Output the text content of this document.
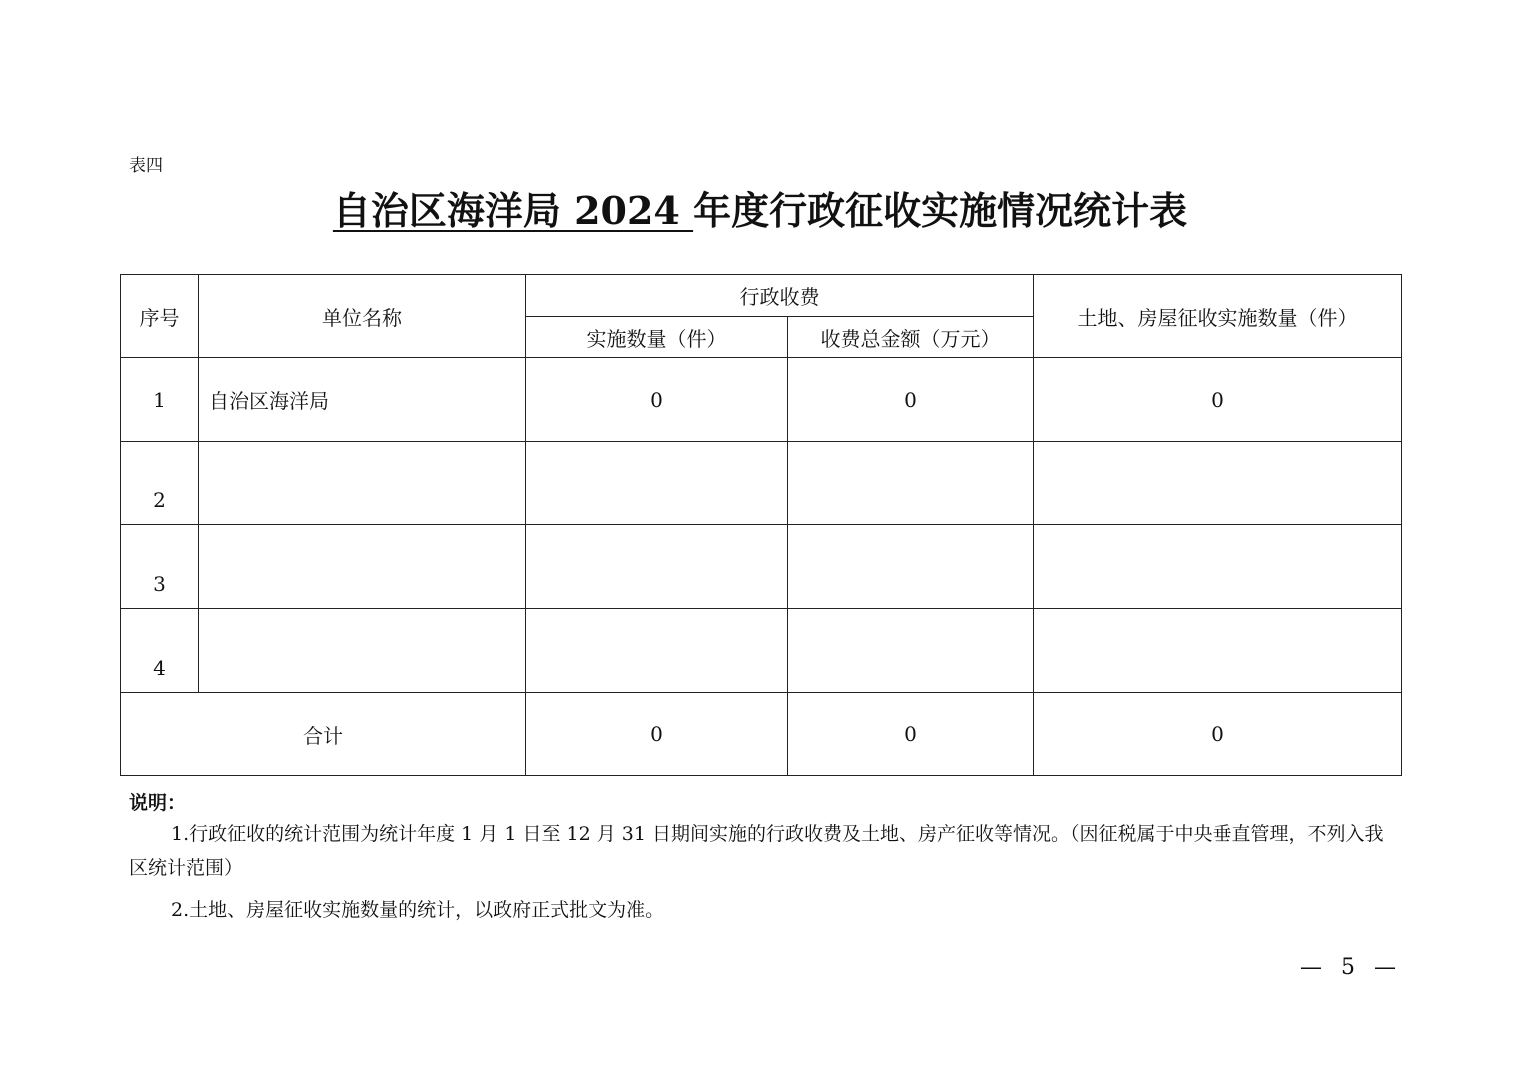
表四
自治区海洋局 2024 年度行政征收实施情况统计表
序号	单位名称	行政收费		土地、房屋征收实施数量（件）
		实施数量（件）	收费总金额（万元）	
1	自治区海洋局	0	0	0
2				
3				
4				
合计		0	0	0
说明：
1.行政征收的统计范围为统计年度 1 月 1 日至 12 月 31 日期间实施的行政收费及土地、房产征收等情况。（因征税属于中央垂直管理，不列入我区统计范围）
2.土地、房屋征收实施数量的统计，以政府正式批文为准。
— 5 —
